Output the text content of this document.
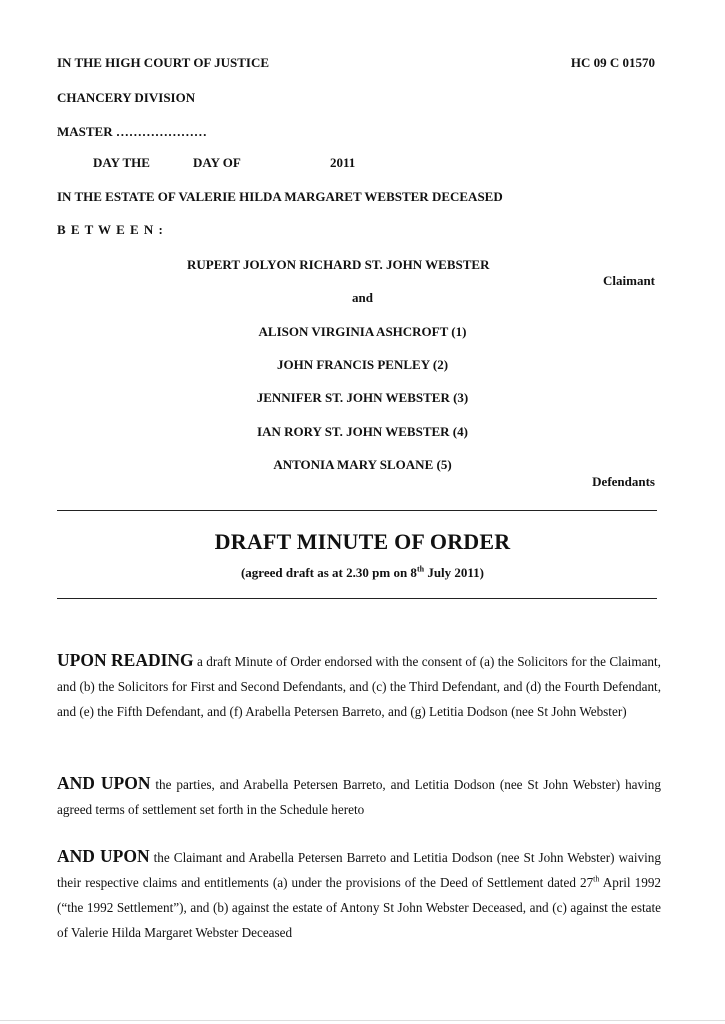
IN THE HIGH COURT OF JUSTICE	HC 09 C 01570
CHANCERY DIVISION
MASTER …………………
DAY THE	DAY OF	2011
IN THE ESTATE OF VALERIE HILDA MARGARET WEBSTER DECEASED
B E T W E E N :
RUPERT JOLYON RICHARD ST. JOHN WEBSTER
Claimant
and
ALISON VIRGINIA ASHCROFT (1)
JOHN FRANCIS PENLEY (2)
JENNIFER ST. JOHN WEBSTER (3)
IAN RORY ST. JOHN WEBSTER (4)
ANTONIA MARY SLOANE (5)
Defendants
DRAFT MINUTE OF ORDER
(agreed draft as at 2.30 pm on 8th July 2011)
UPON READING a draft Minute of Order endorsed with the consent of (a) the Solicitors for the Claimant, and (b) the Solicitors for First and Second Defendants, and (c) the Third Defendant, and (d) the Fourth Defendant, and (e) the Fifth Defendant, and (f) Arabella Petersen Barreto, and (g) Letitia Dodson (nee St John Webster)
AND UPON the parties, and Arabella Petersen Barreto, and Letitia Dodson (nee St John Webster) having agreed terms of settlement set forth in the Schedule hereto
AND UPON the Claimant and Arabella Petersen Barreto and Letitia Dodson (nee St John Webster) waiving their respective claims and entitlements (a) under the provisions of the Deed of Settlement dated 27th April 1992 (“the 1992 Settlement”), and (b) against the estate of Antony St John Webster Deceased, and (c) against the estate of Valerie Hilda Margaret Webster Deceased
